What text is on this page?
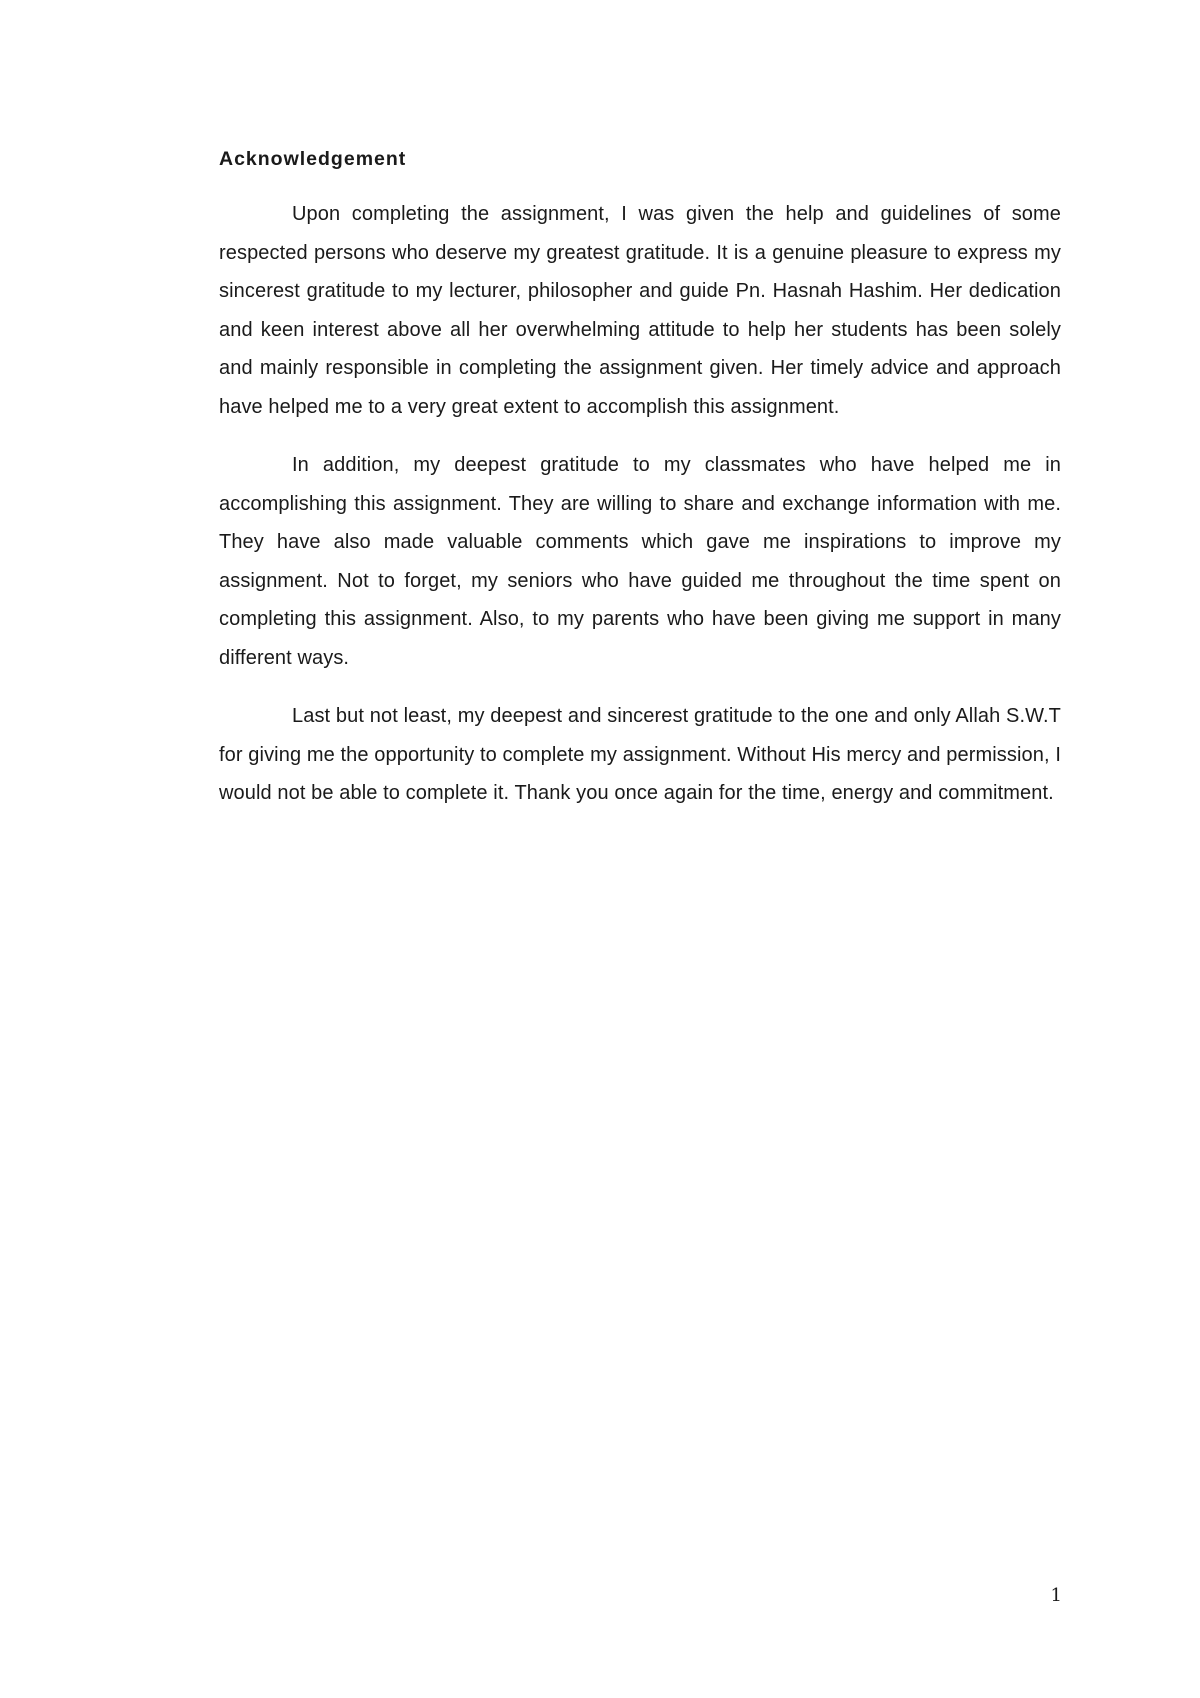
Acknowledgement

Upon completing the assignment, I was given the help and guidelines of some respected persons who deserve my greatest gratitude. It is a genuine pleasure to express my sincerest gratitude to my lecturer, philosopher and guide Pn. Hasnah Hashim. Her dedication and keen interest above all her overwhelming attitude to help her students has been solely and mainly responsible in completing the assignment given. Her timely advice and approach have helped me to a very great extent to accomplish this assignment.

In addition, my deepest gratitude to my classmates who have helped me in accomplishing this assignment. They are willing to share and exchange information with me. They have also made valuable comments which gave me inspirations to improve my assignment. Not to forget, my seniors who have guided me throughout the time spent on completing this assignment. Also, to my parents who have been giving me support in many different ways.

Last but not least, my deepest and sincerest gratitude to the one and only Allah S.W.T for giving me the opportunity to complete my assignment. Without His mercy and permission, I would not be able to complete it. Thank you once again for the time, energy and commitment.

1
